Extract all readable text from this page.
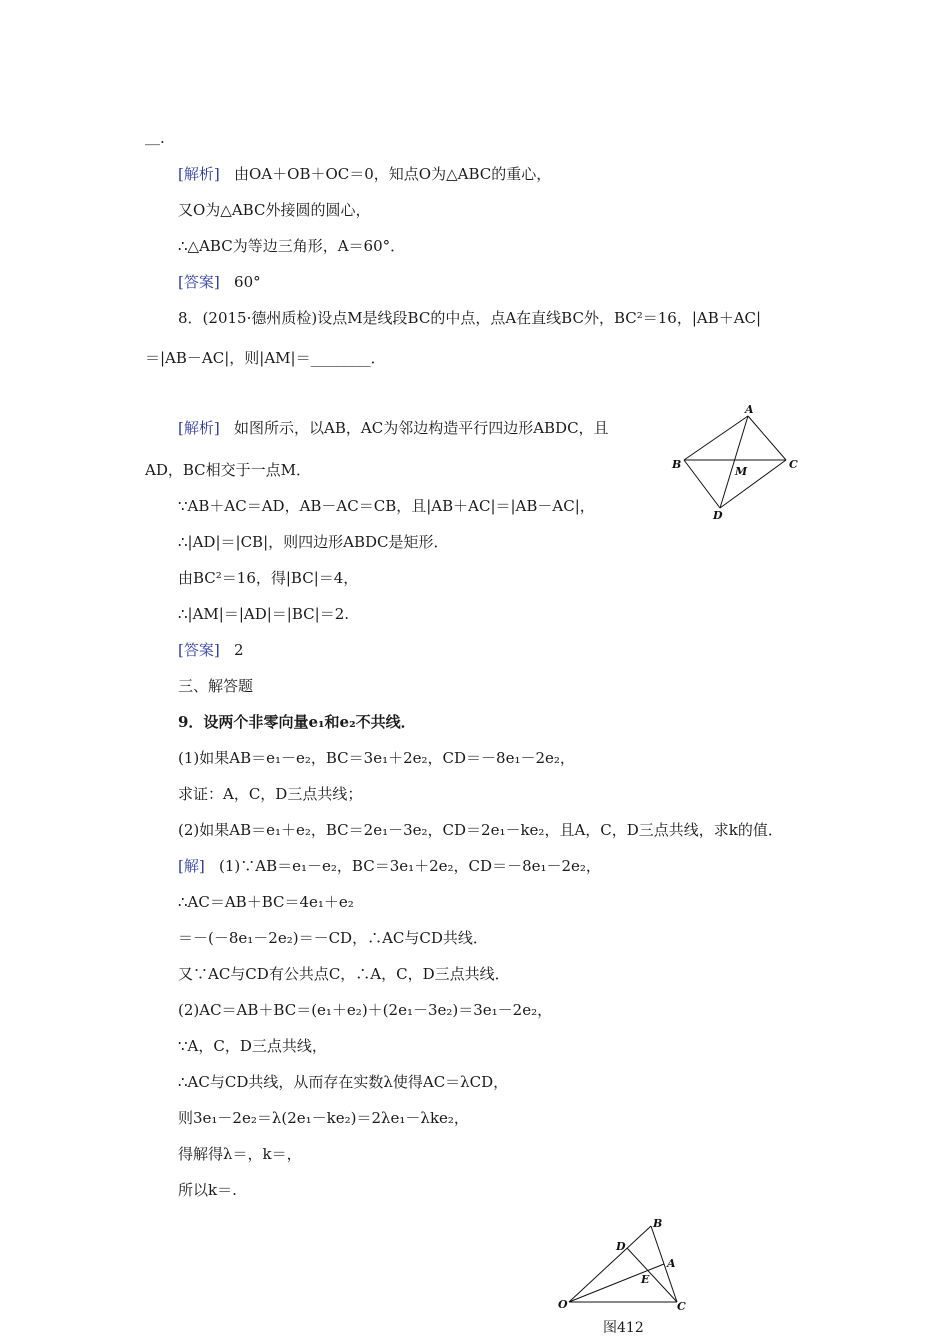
＿.
[解析] 由OA＋OB＋OC＝0，知点O为△ABC的重心，
又O为△ABC外接圆的圆心，
∴△ABC为等边三角形，A＝60°．
[答案] 60°
8．(2015·德州质检)设点M是线段BC的中点，点A在直线BC外，BC²＝16，|AB＋AC|
＝|AB－AC|，则|AM|＝________．
[解析] 如图所示，以AB，AC为邻边构造平行四边形ABDC，且
AD，BC相交于一点M．
∵AB＋AC＝AD，AB－AC＝CB，且|AB＋AC|＝|AB－AC|，
∴|AD|＝|CB|，则四边形ABDC是矩形．
由BC²＝16，得|BC|＝4，
∴|AM|＝|AD|＝|BC|＝2.
[答案] 2
A
B	C
D
M
三、解答题
9．设两个非零向量e₁和e₂不共线．
(1)如果AB＝e₁－e₂，BC＝3e₁＋2e₂，CD＝－8e₁－2e₂，
求证：A，C，D三点共线；
(2)如果AB＝e₁＋e₂，BC＝2e₁－3e₂，CD＝2e₁－ke₂，且A，C，D三点共线，求k的值．
[解] (1)∵AB＝e₁－e₂，BC＝3e₁＋2e₂，CD＝－8e₁－2e₂，
∴AC＝AB＋BC＝4e₁＋e₂
＝－(－8e₁－2e₂)＝－CD，∴AC与CD共线．
又∵AC与CD有公共点C，∴A，C，D三点共线．
(2)AC＝AB＋BC＝(e₁＋e₂)＋(2e₁－3e₂)＝3e₁－2e₂，
∵A，C，D三点共线，
∴AC与CD共线，从而存在实数λ使得AC＝λCD，
则3e₁－2e₂＝λ(2e₁－ke₂)＝2λe₁－λke₂，
得解得λ＝，k＝，
所以k＝.
B
D
A
E
O	C
图412
